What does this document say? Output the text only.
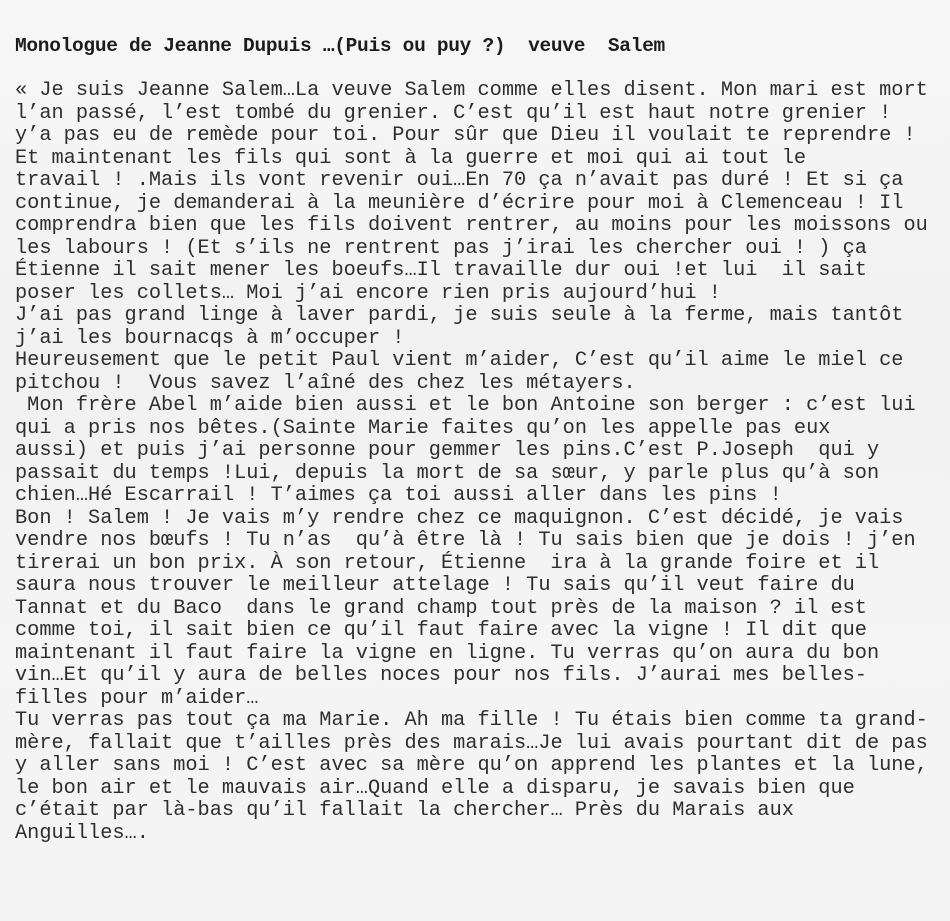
Monologue de Jeanne Dupuis …(Puis ou puy ?)  veuve  Salem
« Je suis Jeanne Salem…La veuve Salem comme elles disent. Mon mari est mort
l’an passé, l’est tombé du grenier. C’est qu’il est haut notre grenier !
y’a pas eu de remède pour toi. Pour sûr que Dieu il voulait te reprendre !
Et maintenant les fils qui sont à la guerre et moi qui ai tout le
travail ! .Mais ils vont revenir oui…En 70 ça n’avait pas duré ! Et si ça
continue, je demanderai à la meunière d’écrire pour moi à Clemenceau ! Il
comprendra bien que les fils doivent rentrer, au moins pour les moissons ou
les labours ! (Et s’ils ne rentrent pas j’irai les chercher oui ! ) ça
Étienne il sait mener les boeufs…Il travaille dur oui !et lui  il sait
poser les collets… Moi j’ai encore rien pris aujourd’hui !
J’ai pas grand linge à laver pardi, je suis seule à la ferme, mais tantôt
j’ai les bournacqs à m’occuper !
Heureusement que le petit Paul vient m’aider, C’est qu’il aime le miel ce
pitchou !  Vous savez l’aîné des chez les métayers.
Mon frère Abel m’aide bien aussi et le bon Antoine son berger : c’est lui
qui a pris nos bêtes.(Sainte Marie faites qu’on les appelle pas eux
aussi) et puis j’ai personne pour gemmer les pins.C’est P.Joseph  qui y
passait du temps !Lui, depuis la mort de sa sœur, y parle plus qu’à son
chien…Hé Escarrail ! T’aimes ça toi aussi aller dans les pins !
Bon ! Salem ! Je vais m’y rendre chez ce maquignon. C’est décidé, je vais
vendre nos bœufs ! Tu n’as  qu’à être là ! Tu sais bien que je dois ! j’en
tirerai un bon prix. À son retour, Étienne  ira à la grande foire et il
saura nous trouver le meilleur attelage ! Tu sais qu’il veut faire du
Tannat et du Baco  dans le grand champ tout près de la maison ? il est
comme toi, il sait bien ce qu’il faut faire avec la vigne ! Il dit que
maintenant il faut faire la vigne en ligne. Tu verras qu’on aura du bon
vin…Et qu’il y aura de belles noces pour nos fils. J’aurai mes belles-
filles pour m’aider…
Tu verras pas tout ça ma Marie. Ah ma fille ! Tu étais bien comme ta grand-
mère, fallait que t’ailles près des marais…Je lui avais pourtant dit de pas
y aller sans moi ! C’est avec sa mère qu’on apprend les plantes et la lune,
le bon air et le mauvais air…Quand elle a disparu, je savais bien que
c’était par là-bas qu’il fallait la chercher… Près du Marais aux
Anguilles….
